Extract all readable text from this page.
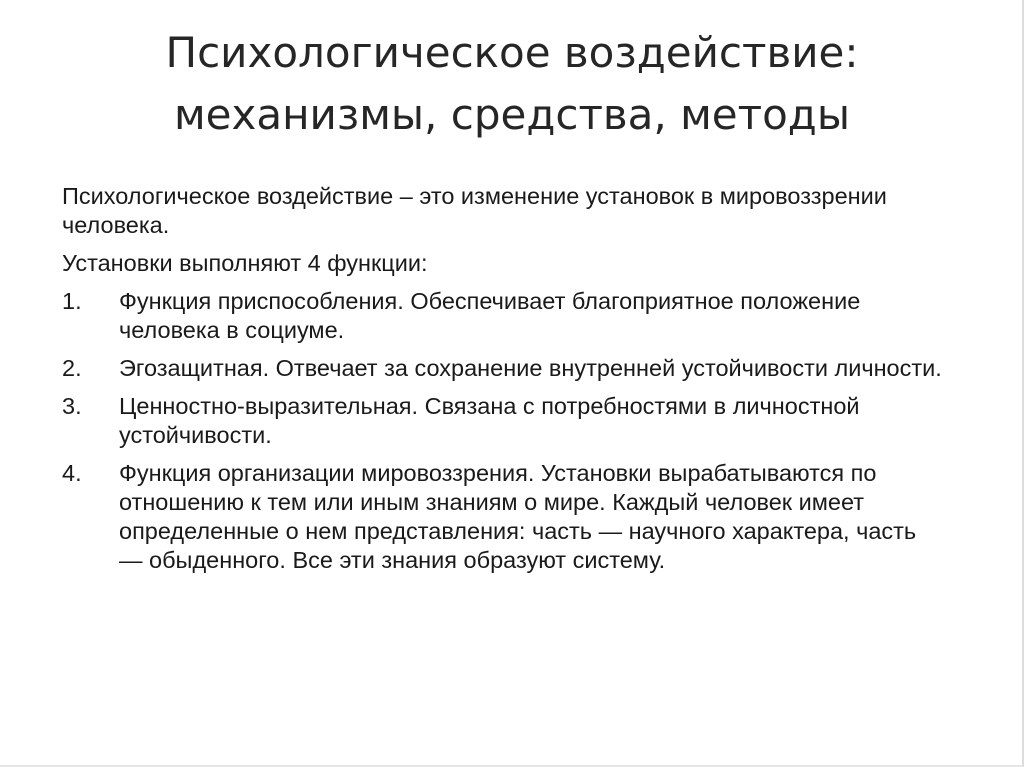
Психологическое воздействие:
механизмы, средства, методы

Психологическое воздействие – это изменение установок в мировоззрении человека.

Установки выполняют 4 функции:

1.	Функция приспособления. Обеспечивает благоприятное положение человека в социуме.
2.	Эгозащитная. Отвечает за сохранение внутренней устойчивости личности.
3.	Ценностно-выразительная. Связана с потребностями в личностной устойчивости.
4.	Функция организации мировоззрения. Установки вырабатываются по отношению к тем или иным знаниям о мире. Каждый человек имеет определенные о нем представления: часть — научного характера, часть — обыденного. Все эти знания образуют систему.
